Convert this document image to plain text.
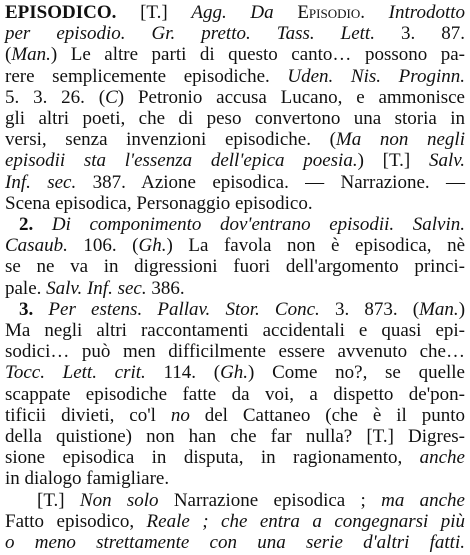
EPISODICO. [T.] Agg. Da Episodio. Introdotto
per episodio. Gr. pretto. Tass. Lett. 3. 87.
(Man.) Le altre parti di questo canto… possono pa-
rere semplicemente episodiche. Uden. Nis. Proginn.
5. 3. 26. (C) Petronio accusa Lucano, e ammonisce
gli altri poeti, che di peso convertono una storia in
versi, senza invenzioni episodiche. (Ma non negli
episodii sta l'essenza dell'epica poesia.) [T.] Salv.
Inf. sec. 387. Azione episodica. — Narrazione. —
Scena episodica, Personaggio episodico.
2. Di componimento dov'entrano episodii. Salvin.
Casaub. 106. (Gh.) La favola non è episodica, nè
se ne va in digressioni fuori dell'argomento princi-
pale. Salv. Inf. sec. 386.
3. Per estens. Pallav. Stor. Conc. 3. 873. (Man.)
Ma negli altri raccontamenti accidentali e quasi epi-
sodici… può men difficilmente essere avvenuto che…
Tocc. Lett. crit. 114. (Gh.) Come no?, se quelle
scappate episodiche fatte da voi, a dispetto de'pon-
tificii divieti, co'l no del Cattaneo (che è il punto
della quistione) non han che far nulla? [T.] Digres-
sione episodica in disputa, in ragionamento, anche
in dialogo famigliare.
[T.] Non solo Narrazione episodica ; ma anche
Fatto episodico, Reale ; che entra a congegnarsi più
o meno strettamente con una serie d'altri fatti.
